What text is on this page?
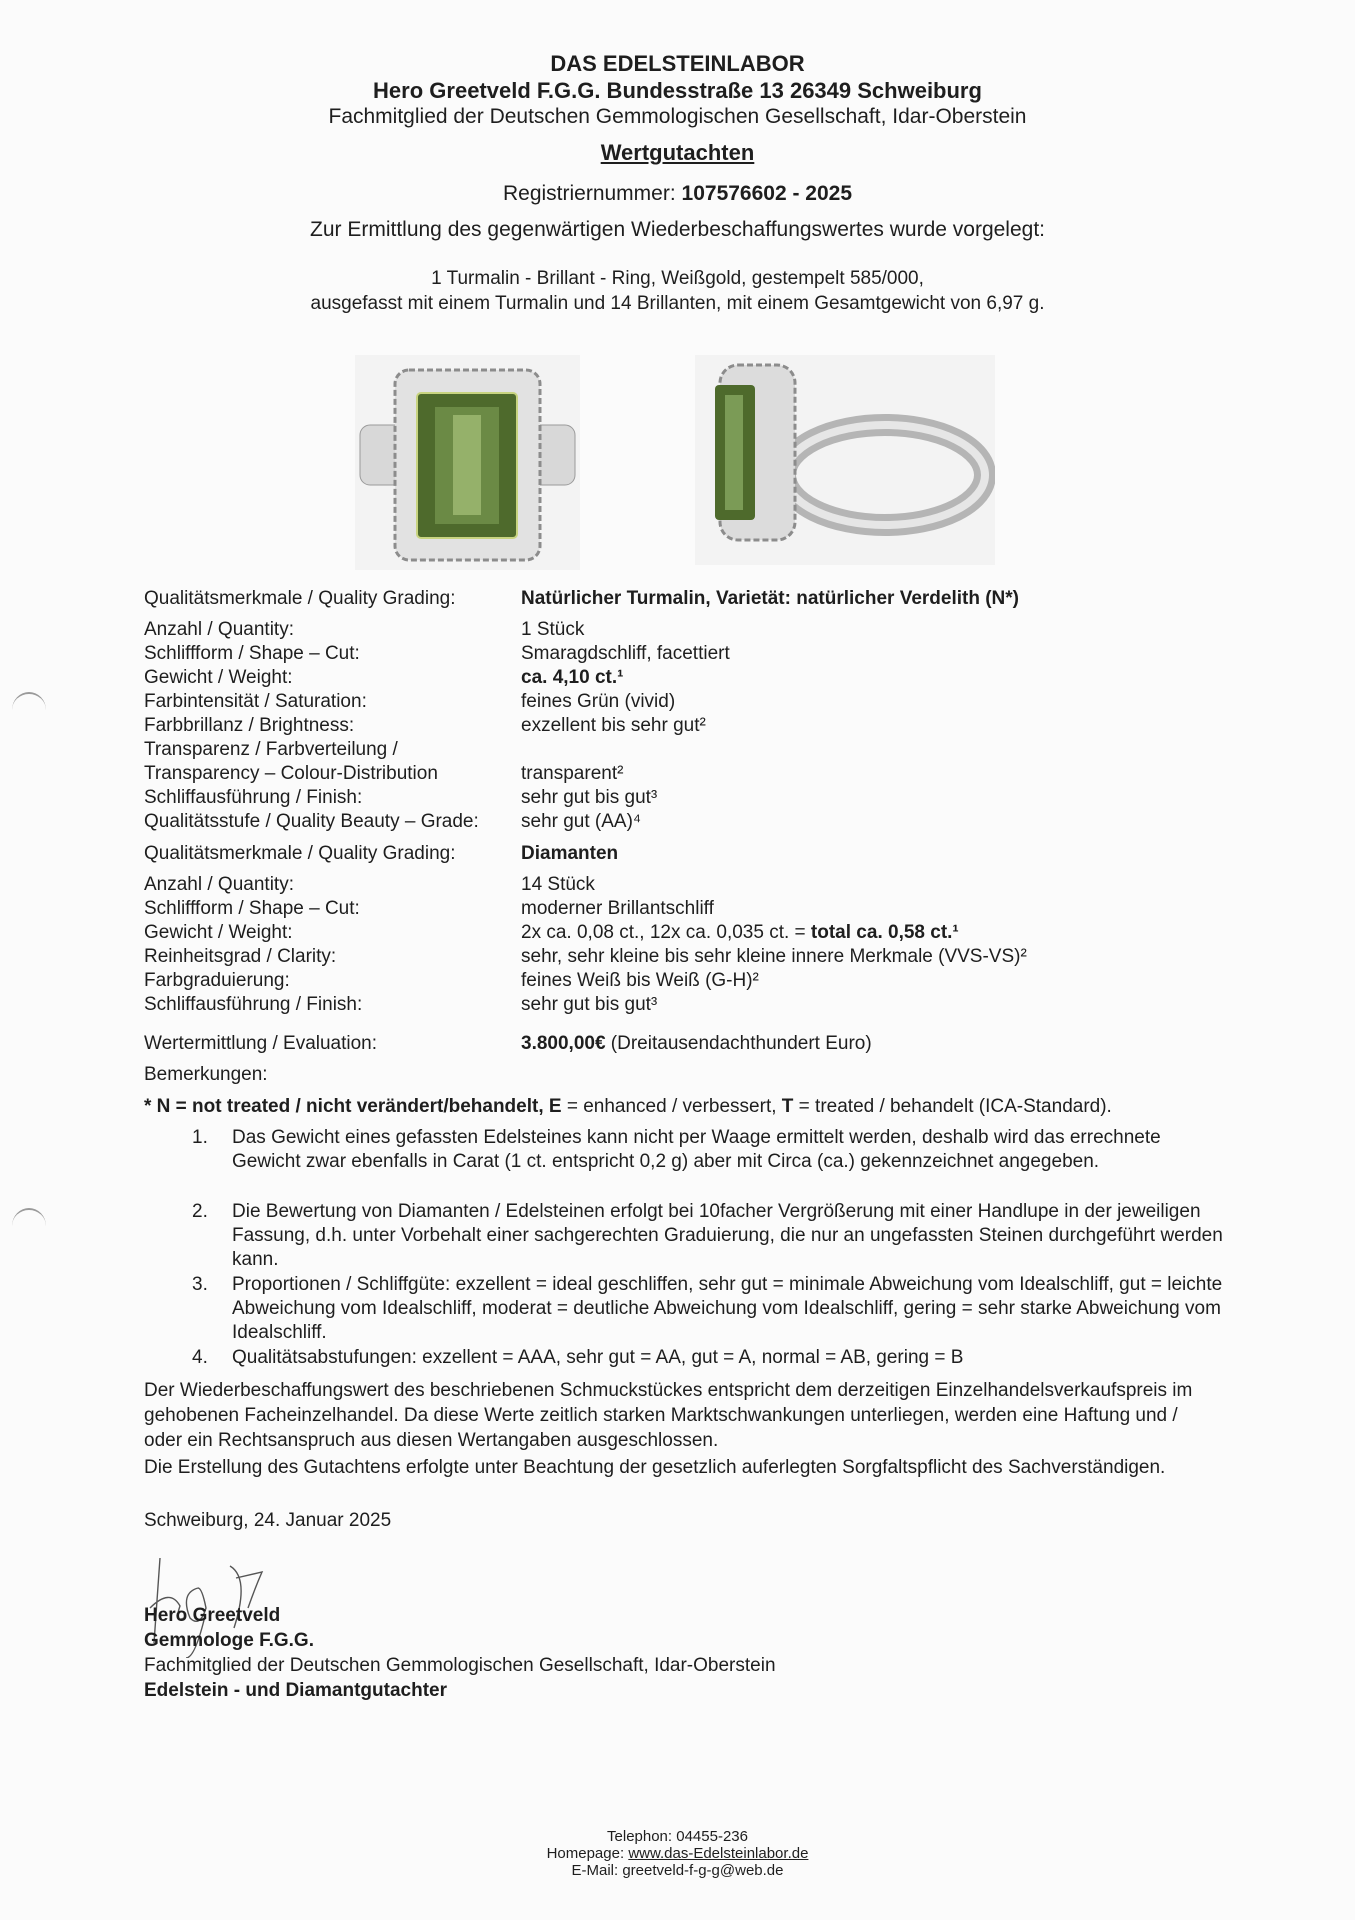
DAS EDELSTEINLABOR
Hero Greetveld F.G.G. Bundesstraße 13 26349 Schweiburg
Fachmitglied der Deutschen Gemmologischen Gesellschaft, Idar-Oberstein
Wertgutachten
Registriernummer: 107576602 - 2025
Zur Ermittlung des gegenwärtigen Wiederbeschaffungswertes wurde vorgelegt:
1 Turmalin - Brillant - Ring, Weißgold, gestempelt 585/000,
ausgefasst mit einem Turmalin und 14 Brillanten, mit einem Gesamtgewicht von 6,97 g.
Qualitätsmerkmale / Quality Grading:	Natürlicher Turmalin, Varietät: natürlicher Verdelith (N*)
Anzahl / Quantity:	1 Stück
Schliffform / Shape – Cut:	Smaragdschliff, facettiert
Gewicht / Weight:	ca. 4,10 ct.¹
Farbintensität / Saturation:	feines Grün (vivid)
Farbbrillanz / Brightness:	exzellent bis sehr gut²
Transparenz / Farbverteilung /
Transparency – Colour-Distribution	transparent²
Schliffausführung / Finish:	sehr gut bis gut³
Qualitätsstufe / Quality Beauty – Grade: sehr gut (AA)⁴
Qualitätsmerkmale / Quality Grading:	Diamanten
Anzahl / Quantity:	14 Stück
Schliffform / Shape – Cut:	moderner Brillantschliff
Gewicht / Weight:	2x ca. 0,08 ct., 12x ca. 0,035 ct. = total ca. 0,58 ct.¹
Reinheitsgrad / Clarity:	sehr, sehr kleine bis sehr kleine innere Merkmale (VVS-VS)²
Farbgraduierung:	feines Weiß bis Weiß (G-H)²
Schliffausführung / Finish:	sehr gut bis gut³
Wertermittlung / Evaluation:	3.800,00€ (Dreitausendachthundert Euro)
Bemerkungen:
* N = not treated / nicht verändert/behandelt, E = enhanced / verbessert, T = treated / behandelt (ICA-Standard).
1. Das Gewicht eines gefassten Edelsteines kann nicht per Waage ermittelt werden, deshalb wird das errechnete Gewicht zwar ebenfalls in Carat (1 ct. entspricht 0,2 g) aber mit Circa (ca.) gekennzeichnet angegeben.
2. Die Bewertung von Diamanten / Edelsteinen erfolgt bei 10facher Vergrößerung mit einer Handlupe in der jeweiligen Fassung, d.h. unter Vorbehalt einer sachgerechten Graduierung, die nur an ungefassten Steinen durchgeführt werden kann.
3. Proportionen / Schliffgüte: exzellent = ideal geschliffen, sehr gut = minimale Abweichung vom Idealschliff, gut = leichte Abweichung vom Idealschliff, moderat = deutliche Abweichung vom Idealschliff, gering = sehr starke Abweichung vom Idealschliff.
4. Qualitätsabstufungen: exzellent = AAA, sehr gut = AA, gut = A, normal = AB, gering = B
Der Wiederbeschaffungswert des beschriebenen Schmuckstückes entspricht dem derzeitigen Einzelhandelsverkaufspreis im gehobenen Facheinzelhandel. Da diese Werte zeitlich starken Marktschwankungen unterliegen, werden eine Haftung und / oder ein Rechtsanspruch aus diesen Wertangaben ausgeschlossen.
Die Erstellung des Gutachtens erfolgte unter Beachtung der gesetzlich auferlegten Sorgfaltspflicht des Sachverständigen.
Schweiburg, 24. Januar 2025
Hero Greetveld
Gemmologe F.G.G.
Fachmitglied der Deutschen Gemmologischen Gesellschaft, Idar-Oberstein
Edelstein - und Diamantgutachter
Telephon: 04455-236
Homepage: www.das-Edelsteinlabor.de
E-Mail: greetveld-f-g-g@web.de
